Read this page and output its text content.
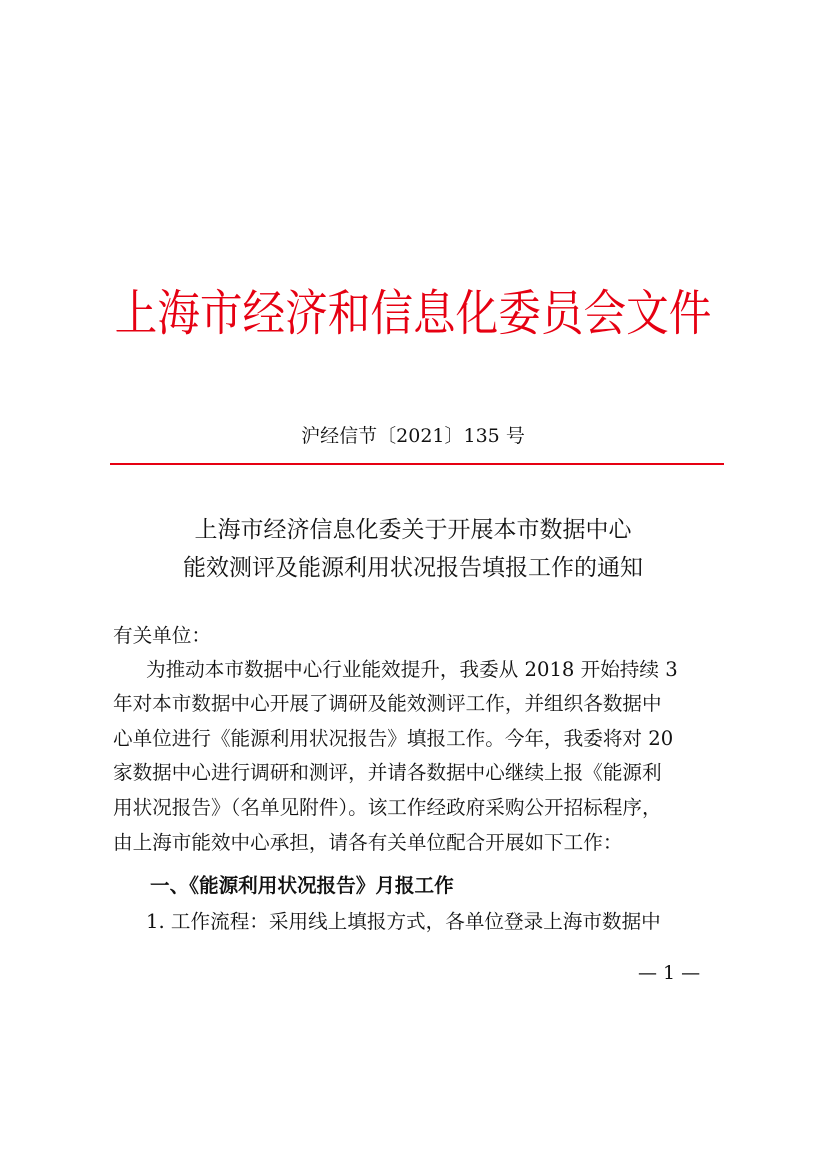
上海市经济和信息化委员会文件
沪经信节〔2021〕135 号
上海市经济信息化委关于开展本市数据中心
能效测评及能源利用状况报告填报工作的通知
有关单位：
为推动本市数据中心行业能效提升，我委从 2018 开始持续 3
年对本市数据中心开展了调研及能效测评工作，并组织各数据中
心单位进行《能源利用状况报告》填报工作。今年，我委将对 20
家数据中心进行调研和测评，并请各数据中心继续上报《能源利
用状况报告》（名单见附件）。该工作经政府采购公开招标程序，
由上海市能效中心承担，请各有关单位配合开展如下工作：
一、《能源利用状况报告》月报工作
1. 工作流程：采用线上填报方式，各单位登录上海市数据中
— 1 —
